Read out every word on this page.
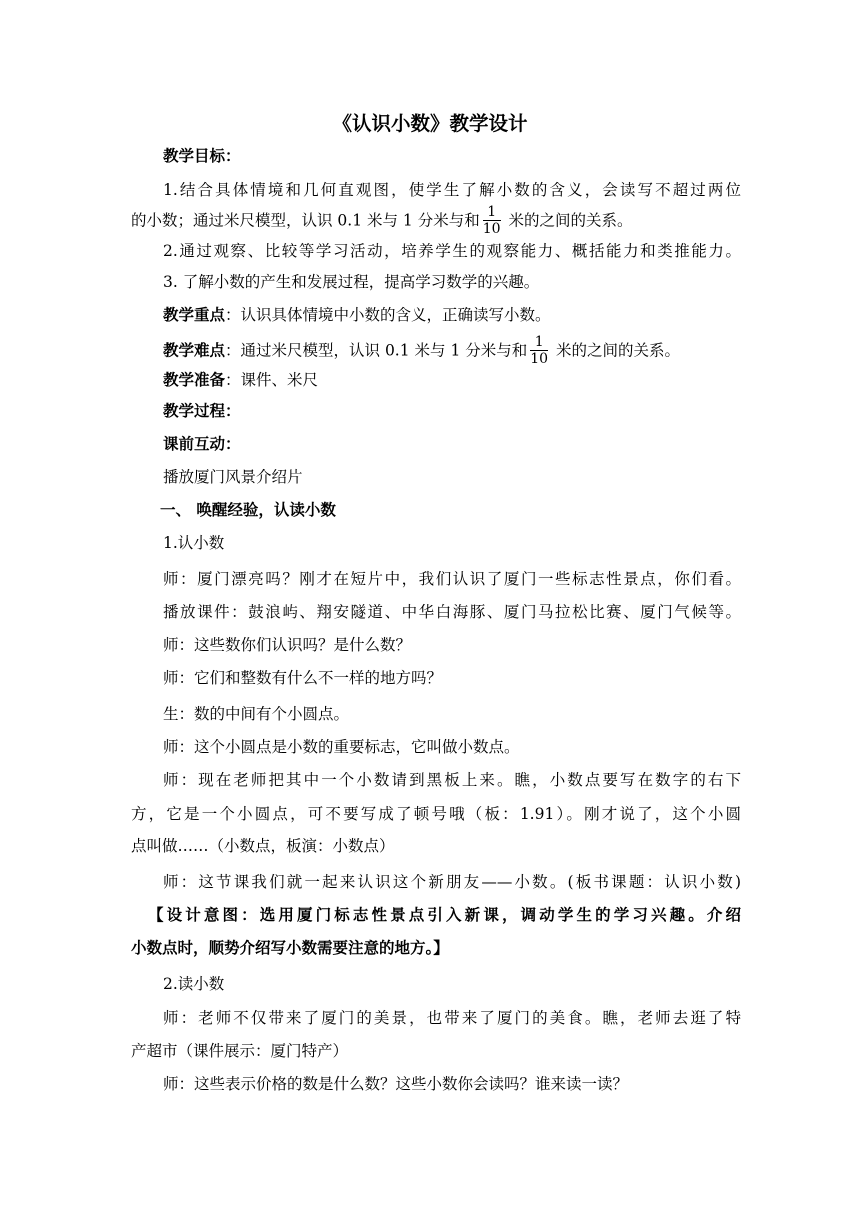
《认识小数》教学设计
教学目标：
1.结合具体情境和几何直观图，使学生了解小数的含义，会读写不超过两位
的小数；通过米尺模型，认识 0.1 米与 1 分米与和 $\frac{1}{10}$ 米的之间的关系。
2.通过观察、比较等学习活动，培养学生的观察能力、概括能力和类推能力。
3. 了解小数的产生和发展过程，提高学习数学的兴趣。
教学重点：认识具体情境中小数的含义，正确读写小数。
教学难点：通过米尺模型，认识 0.1 米与 1 分米与和 $\frac{1}{10}$ 米的之间的关系。
教学准备：课件、米尺
教学过程：
课前互动：
播放厦门风景介绍片
一、 唤醒经验，认读小数
1.认小数
师：厦门漂亮吗？刚才在短片中，我们认识了厦门一些标志性景点，你们看。
播放课件：鼓浪屿、翔安隧道、中华白海豚、厦门马拉松比赛、厦门气候等。
师：这些数你们认识吗？是什么数？
师：它们和整数有什么不一样的地方吗？
生：数的中间有个小圆点。
师：这个小圆点是小数的重要标志，它叫做小数点。
师：现在老师把其中一个小数请到黑板上来。瞧，小数点要写在数字的右下
方，它是一个小圆点，可不要写成了顿号哦（板：1.91）。刚才说了，这个小圆
点叫做……（小数点，板演：小数点）
师：这节课我们就一起来认识这个新朋友——小数。(板书课题：认识小数)
【设计意图：选用厦门标志性景点引入新课，调动学生的学习兴趣。介绍
小数点时，顺势介绍写小数需要注意的地方。】
2.读小数
师：老师不仅带来了厦门的美景，也带来了厦门的美食。瞧，老师去逛了特
产超市（课件展示：厦门特产）
师：这些表示价格的数是什么数？这些小数你会读吗？谁来读一读？
